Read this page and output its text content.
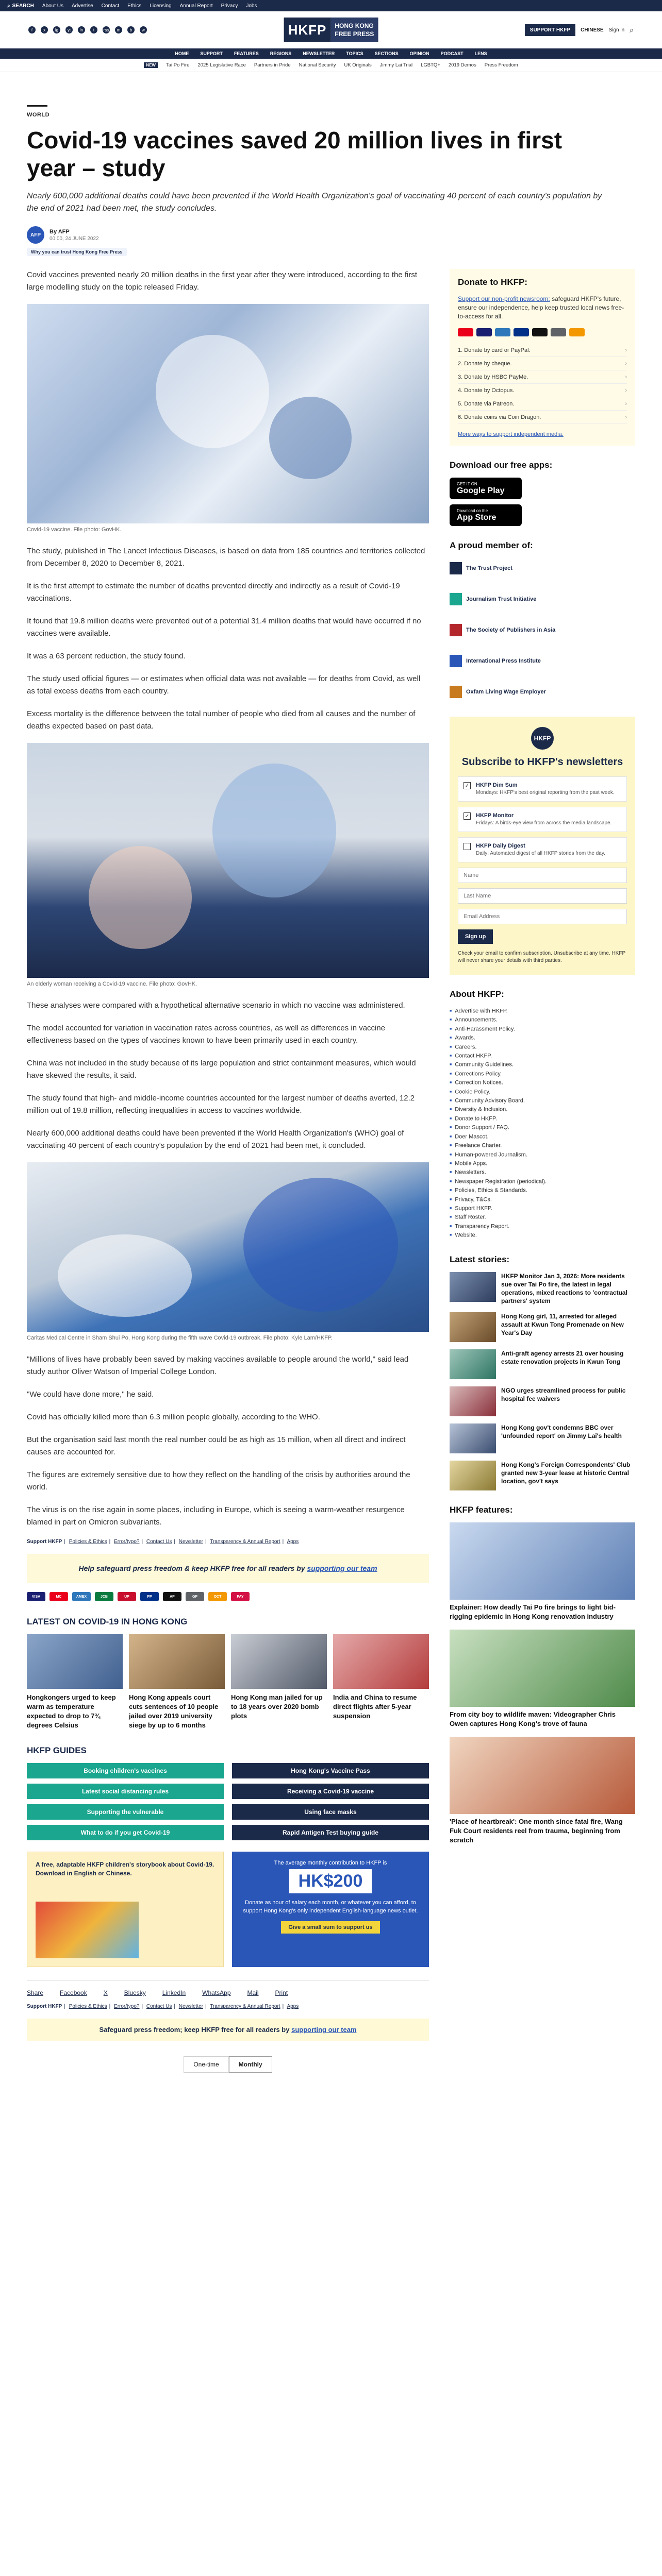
⌕ SEARCH About Us Advertise Contact Ethics Licensing Annual Report Privacy Jobs
f	x	ig	yt	in	t	rss	m	b	w	HKFP	HONG KONG
FREE PRESS
SUPPORT HKFP	CHINESE Sign in ⌕
HOME SUPPORT FEATURES REGIONS NEWSLETTER TOPICS SECTIONS OPINION PODCAST LENS
NEW	Tai Po Fire 2025 Legislative Race Partners in Pride National Security UK Originals Jimmy Lai Trial LGBTQ+ 2019 Demos Press Freedom
WORLD
Covid-19 vaccines saved 20 million lives in first year – study
Nearly 600,000 additional deaths could have been prevented if the World Health Organization's goal of vaccinating 40 percent of each country's population by the end of 2021 had been met, the study concludes.
AFP
By AFP
00:00, 24 JUNE 2022
Why you can trust Hong Kong Free Press

Covid vaccines prevented nearly 20 million deaths in the first year after they were introduced, according to the first large modelling study on the topic released Friday.

Covid-19 vaccine. File photo: GovHK.

The study, published in The Lancet Infectious Diseases, is based on data from 185 countries and territories collected from December 8, 2020 to December 8, 2021.

It is the first attempt to estimate the number of deaths prevented directly and indirectly as a result of Covid-19 vaccinations.

It found that 19.8 million deaths were prevented out of a potential 31.4 million deaths that would have occurred if no vaccines were available.

It was a 63 percent reduction, the study found.

The study used official figures — or estimates when official data was not available — for deaths from Covid, as well as total excess deaths from each country.

Excess mortality is the difference between the total number of people who died from all causes and the number of deaths expected based on past data.

An elderly woman receiving a Covid-19 vaccine. File photo: GovHK.

These analyses were compared with a hypothetical alternative scenario in which no vaccine was administered.

The model accounted for variation in vaccination rates across countries, as well as differences in vaccine effectiveness based on the types of vaccines known to have been primarily used in each country.

China was not included in the study because of its large population and strict containment measures, which would have skewed the results, it said.

The study found that high- and middle-income countries accounted for the largest number of deaths averted, 12.2 million out of 19.8 million, reflecting inequalities in access to vaccines worldwide.

Nearly 600,000 additional deaths could have been prevented if the World Health Organization's (WHO) goal of vaccinating 40 percent of each country's population by the end of 2021 had been met, it concluded.

Caritas Medical Centre in Sham Shui Po, Hong Kong during the fifth wave Covid-19 outbreak. File photo: Kyle Lam/HKFP.

"Millions of lives have probably been saved by making vaccines available to people around the world," said lead study author Oliver Watson of Imperial College London.

"We could have done more," he said.

Covid has officially killed more than 6.3 million people globally, according to the WHO.

But the organisation said last month the real number could be as high as 15 million, when all direct and indirect causes are accounted for.

The figures are extremely sensitive due to how they reflect on the handling of the crisis by authorities around the world.

The virus is on the rise again in some places, including in Europe, which is seeing a warm-weather resurgence blamed in part on Omicron subvariants.

Support HKFP | Policies & Ethics | Error/typo? | Contact Us | Newsletter | Transparency & Annual Report | Apps
Help safeguard press freedom & keep HKFP free for all readers by supporting our team
VISA	MC	AMEX	JCB	UP	PP	AP	GP	OCT	PAY
LATEST ON COVID-19 IN HONG KONG
Hongkongers urged to keep warm as temperature expected to drop to 7¾ degrees Celsius
Hong Kong appeals court cuts sentences of 10 people jailed over 2019 university siege by up to 6 months
Hong Kong man jailed for up to 18 years over 2020 bomb plots
India and China to resume direct flights after 5-year suspension
HKFP GUIDES
Booking children's vaccines	Hong Kong's Vaccine Pass
Latest social distancing rules	Receiving a Covid-19 vaccine
Supporting the vulnerable	Using face masks
What to do if you get Covid-19	Rapid Antigen Test buying guide
A free, adaptable HKFP children's storybook about Covid-19. Download in English or Chinese.
The average monthly contribution to HKFP is
HK$200
Donate as hour of salary each month, or whatever you can afford, to support Hong Kong's only independent English-language news outlet.
Give a small sum to support us
Share	Facebook	X	Bluesky	LinkedIn	WhatsApp	Mail	Print
Support HKFP | Policies & Ethics | Error/typo? | Contact Us | Newsletter | Transparency & Annual Report | Apps
Safeguard press freedom; keep HKFP free for all readers by supporting our team
One-time	Monthly
Donate to HKFP:
Support our non-profit newsroom: safeguard HKFP's future, ensure our independence, help keep trusted local news free-to-access for all.
1. Donate by card or PayPal.	›
2. Donate by cheque.	›
3. Donate by HSBC PayMe.	›
4. Donate by Octopus.	›
5. Donate via Patreon.	›
6. Donate coins via Coin Dragon.	›
More ways to support independent media.
Download our free apps:
GET IT ON
Google Play
Download on the
App Store
A proud member of:
The Trust Project
Journalism Trust Initiative
The Society of Publishers in Asia
International Press Institute
Oxfam Living Wage Employer
HKFP
Subscribe to HKFP's newsletters
✓ HKFP Dim Sum
Mondays: HKFP's best original reporting from the past week.
✓ HKFP Monitor
Fridays: A birds-eye view from across the media landscape.
HKFP Daily Digest
Daily: Automated digest of all HKFP stories from the day.
Name Last Name Email Address Sign up
Check your email to confirm subscription. Unsubscribe at any time. HKFP will never share your details with third parties.
About HKFP:
■ Advertise with HKFP.
■ Announcements.
■ Anti-Harassment Policy.
■ Awards.
■ Careers.
■ Contact HKFP.
■ Community Guidelines.
■ Corrections Policy.
■ Correction Notices.
■ Cookie Policy.
■ Community Advisory Board.
■ Diversity & Inclusion.
■ Donate to HKFP.
■ Donor Support / FAQ.
■ Doer Mascot.
■ Freelance Charter.
■ Human-powered Journalism.
■ Mobile Apps.
■ Newsletters.
■ Newspaper Registration (periodical).
■ Policies, Ethics & Standards.
■ Privacy, T&Cs.
■ Support HKFP.
■ Staff Roster.
■ Transparency Report.
■ Website.
Latest stories:
HKFP Monitor Jan 3, 2026: More residents sue over Tai Po fire, the latest in legal operations, mixed reactions to 'contractual partners' system
Hong Kong girl, 11, arrested for alleged assault at Kwun Tong Promenade on New Year's Day
Anti-graft agency arrests 21 over housing estate renovation projects in Kwun Tong
NGO urges streamlined process for public hospital fee waivers
Hong Kong gov't condemns BBC over 'unfounded report' on Jimmy Lai's health
Hong Kong's Foreign Correspondents' Club granted new 3-year lease at historic Central location, gov't says
HKFP features:
Explainer: How deadly Tai Po fire brings to light bid-rigging epidemic in Hong Kong renovation industry
From city boy to wildlife maven: Videographer Chris Owen captures Hong Kong's trove of fauna
'Place of heartbreak': One month since fatal fire, Wang Fuk Court residents reel from trauma, beginning from scratch
